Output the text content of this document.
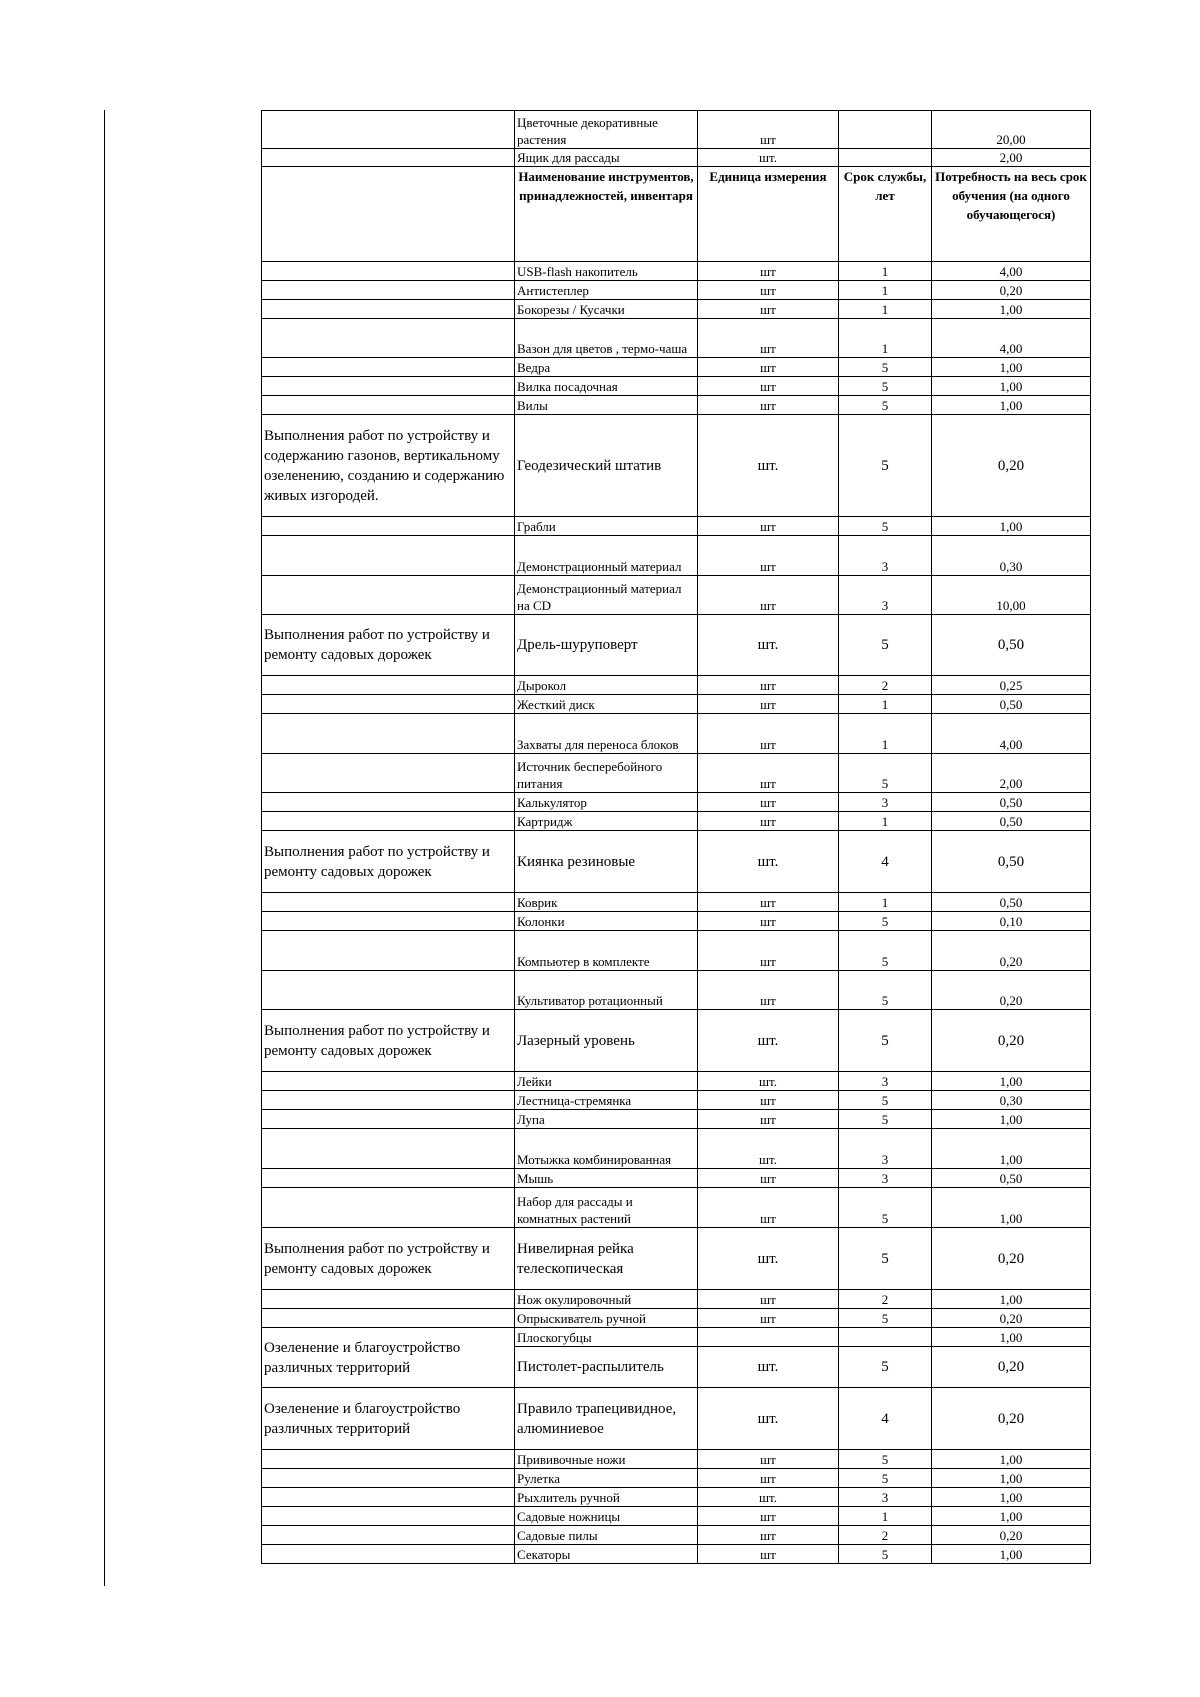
	Цветочные декоративные растения	шт		20,00
	Ящик для рассады	шт.		2,00
	Наименование инструментов, принадлежностей, инвентаря	Единица измерения	Срок службы, лет	Потребность на весь срок обучения (на одного обучающегося)
	USB-flash накопитель	шт	1	4,00
	Антистеплер	шт	1	0,20
	Бокорезы / Кусачки	шт	1	1,00
	Вазон для цветов , термо-чаша	шт	1	4,00
	Ведра	шт	5	1,00
	Вилка посадочная	шт	5	1,00
	Вилы	шт	5	1,00
Выполнения работ по устройству и содержанию газонов, вертикальному озеленению, созданию и содержанию живых изгородей.	Геодезический штатив	шт.	5	0,20
	Грабли	шт	5	1,00
	Демонстрационный материал	шт	3	0,30
	Демонстрационный материал на CD	шт	3	10,00
Выполнения работ по устройству и ремонту садовых дорожек	Дрель-шуруповерт	шт.	5	0,50
	Дырокол	шт	2	0,25
	Жесткий диск	шт	1	0,50
	Захваты для переноса блоков	шт	1	4,00
	Источник бесперебойного питания	шт	5	2,00
	Калькулятор	шт	3	0,50
	Картридж	шт	1	0,50
Выполнения работ по устройству и ремонту садовых дорожек	Киянка резиновые	шт.	4	0,50
	Коврик	шт	1	0,50
	Колонки	шт	5	0,10
	Компьютер в комплекте	шт	5	0,20
	Культиватор ротационный	шт	5	0,20
Выполнения работ по устройству и ремонту садовых дорожек	Лазерный уровень	шт.	5	0,20
	Лейки	шт.	3	1,00
	Лестница-стремянка	шт	5	0,30
	Лупа	шт	5	1,00
	Мотыжка комбинированная	шт.	3	1,00
	Мышь	шт	3	0,50
	Набор для рассады и комнатных растений	шт	5	1,00
Выполнения работ по устройству и ремонту садовых дорожек	Нивелирная рейка телескопическая	шт.	5	0,20
	Нож окулировочный	шт	2	1,00
	Опрыскиватель ручной	шт	5	0,20
Озеленение и благоустройство различных территорий	Плоскогубцы			1,00
	Пистолет-распылитель	шт.	5	0,20
Озеленение и благоустройство различных территорий	Правило трапецивидное, алюминиевое	шт.	4	0,20
	Прививочные ножи	шт	5	1,00
	Рулетка	шт	5	1,00
	Рыхлитель ручной	шт.	3	1,00
	Садовые ножницы	шт	1	1,00
	Садовые пилы	шт	2	0,20
	Секаторы	шт	5	1,00
